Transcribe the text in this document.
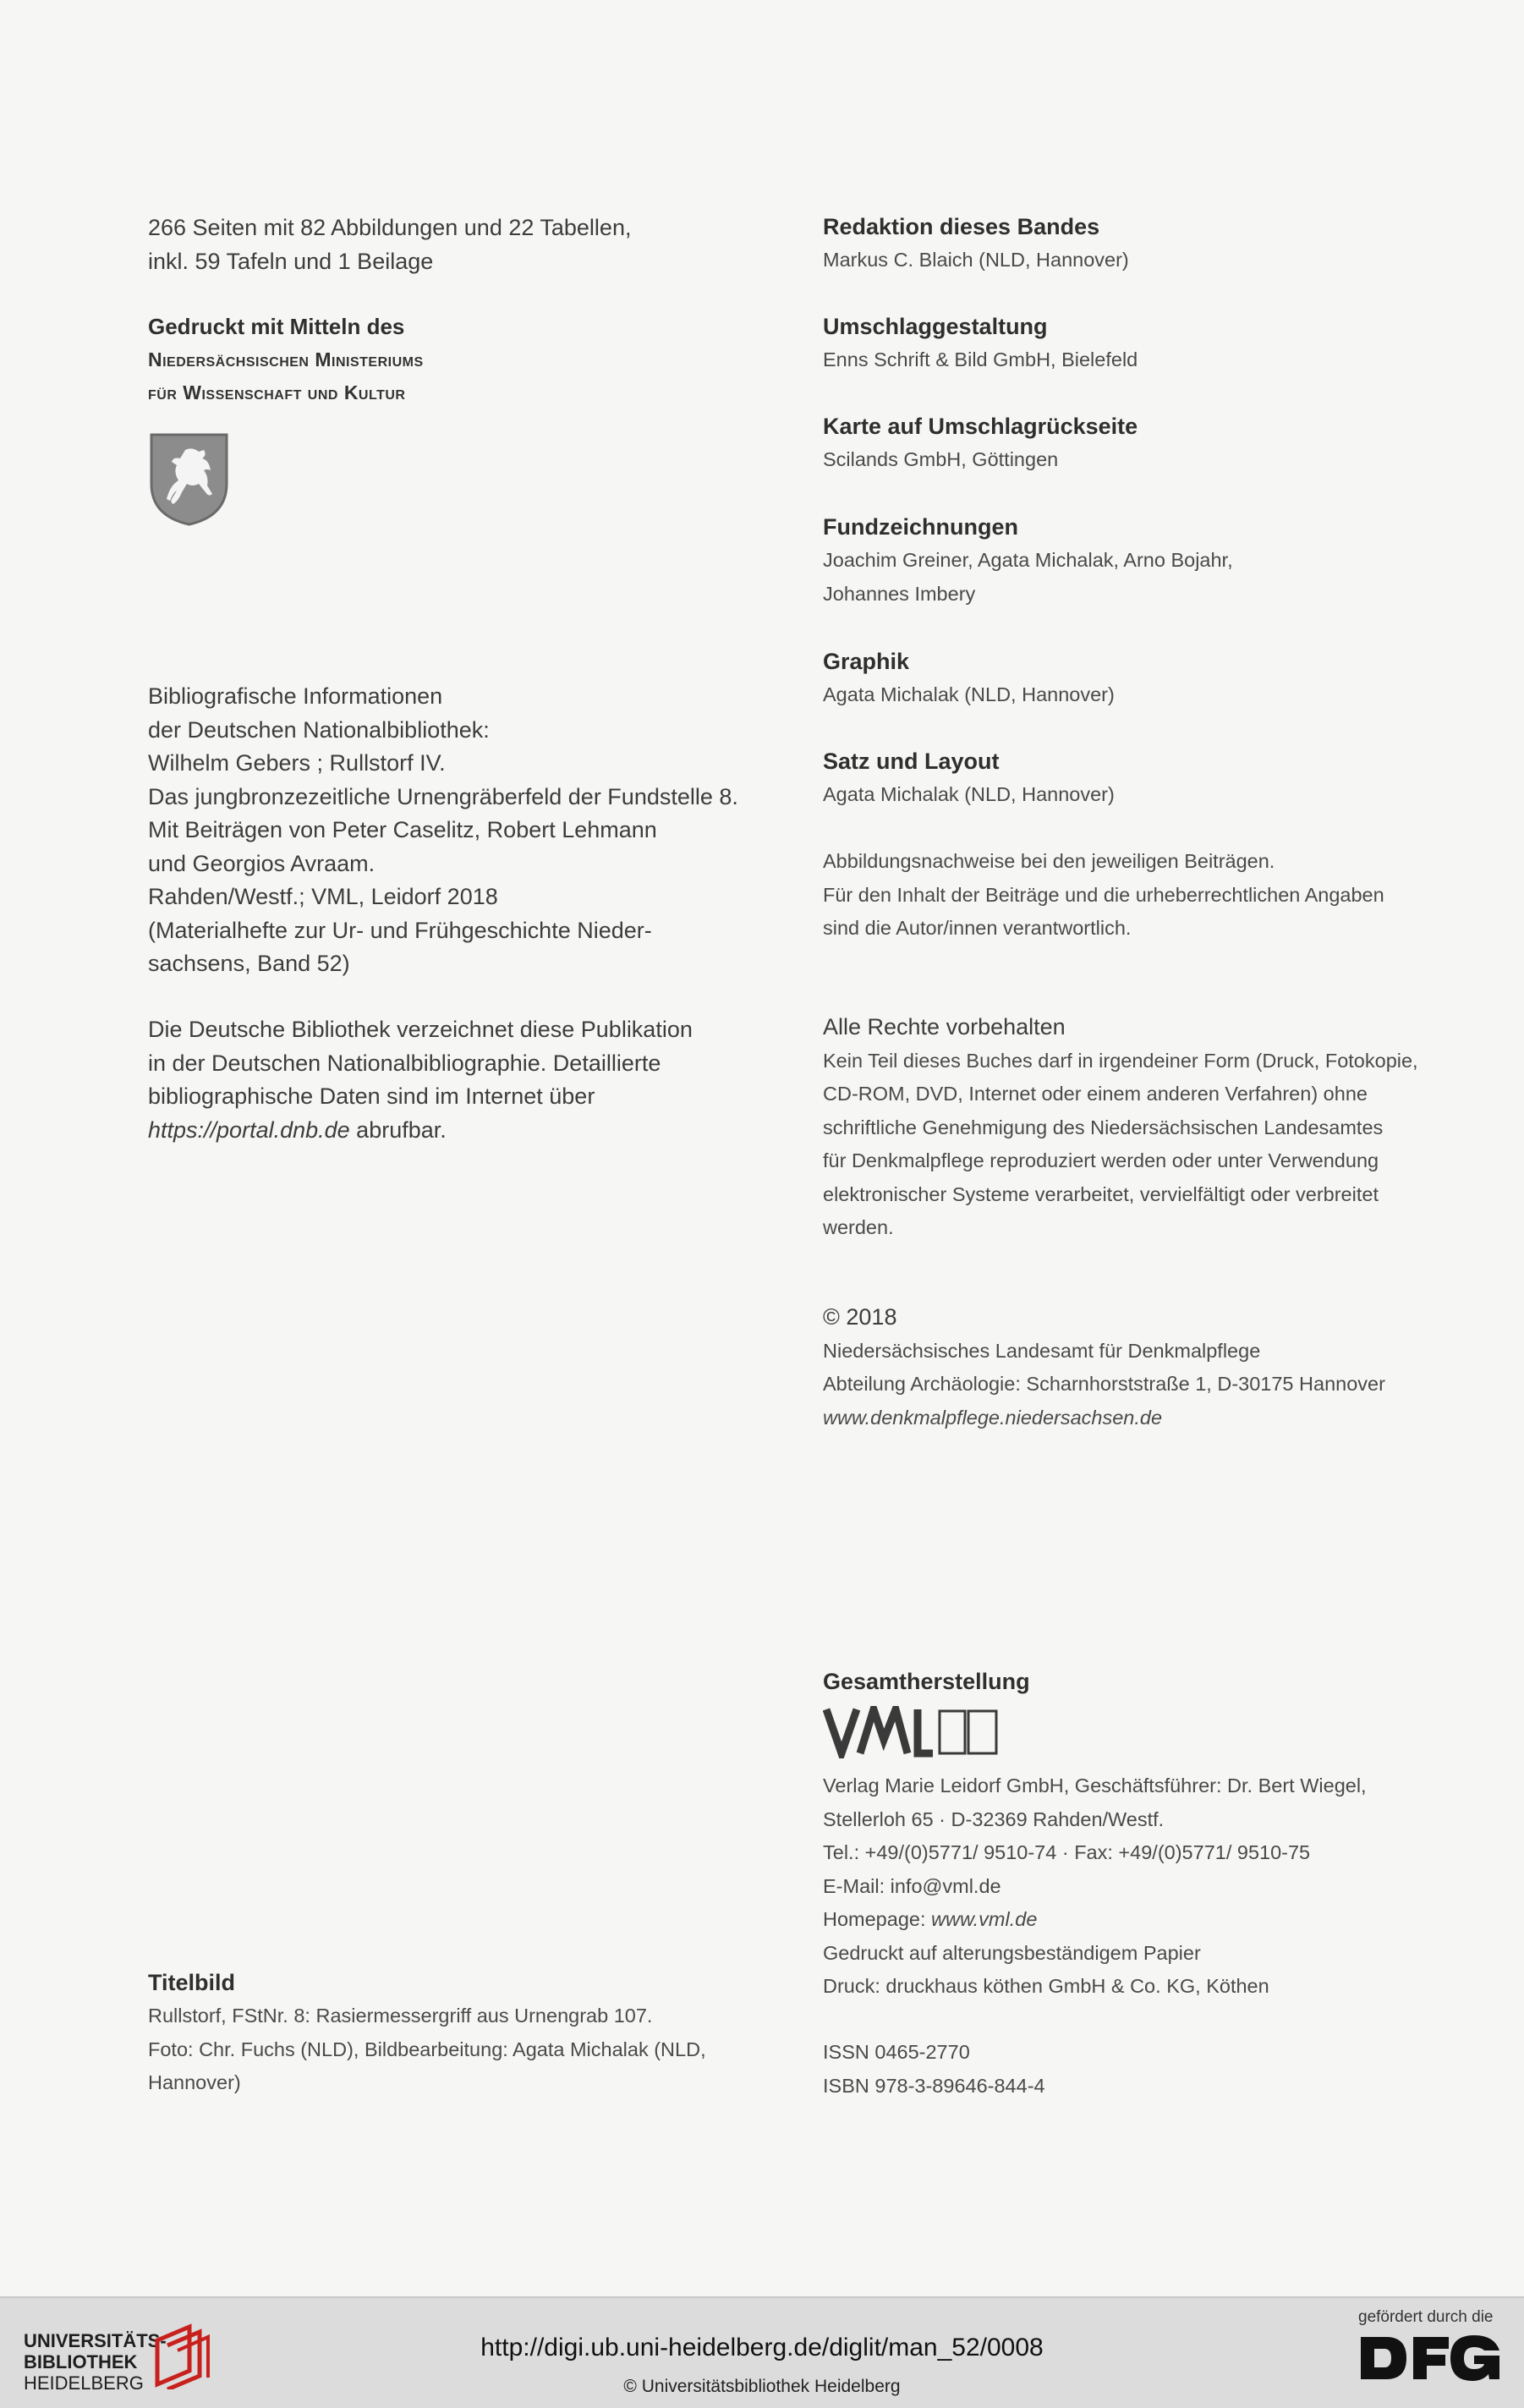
266 Seiten mit 82 Abbildungen und 22 Tabellen,
inkl. 59 Tafeln und 1 Beilage
Gedruckt mit Mitteln des
Niedersächsischen Ministeriums
für Wissenschaft und Kultur
Bibliografische Informationen
der Deutschen Nationalbibliothek:
Wilhelm Gebers ; Rullstorf IV.
Das jungbronzezeitliche Urnengräberfeld der Fundstelle 8.
Mit Beiträgen von Peter Caselitz, Robert Lehmann
und Georgios Avraam.
Rahden/Westf.; VML, Leidorf 2018
(Materialhefte zur Ur- und Frühgeschichte Nieder-
sachsens, Band 52)
Die Deutsche Bibliothek verzeichnet diese Publikation
in der Deutschen Nationalbibliographie. Detaillierte
bibliographische Daten sind im Internet über
https://portal.dnb.de abrufbar.
Titelbild
Rullstorf, FStNr. 8: Rasiermessergriff aus Urnengrab 107.
Foto: Chr. Fuchs (NLD), Bildbearbeitung: Agata Michalak (NLD,
Hannover)
Redaktion dieses Bandes
Markus C. Blaich (NLD, Hannover)
Umschlaggestaltung
Enns Schrift & Bild GmbH, Bielefeld
Karte auf Umschlagrückseite
Scilands GmbH, Göttingen
Fundzeichnungen
Joachim Greiner, Agata Michalak, Arno Bojahr,
Johannes Imbery
Graphik
Agata Michalak (NLD, Hannover)
Satz und Layout
Agata Michalak (NLD, Hannover)
Abbildungsnachweise bei den jeweiligen Beiträgen.
Für den Inhalt der Beiträge und die urheberrechtlichen Angaben
sind die Autor/innen verantwortlich.
Alle Rechte vorbehalten
Kein Teil dieses Buches darf in irgendeiner Form (Druck, Fotokopie,
CD-ROM, DVD, Internet oder einem anderen Verfahren) ohne
schriftliche Genehmigung des Niedersächsischen Landesamtes
für Denkmalpflege reproduziert werden oder unter Verwendung
elektronischer Systeme verarbeitet, vervielfältigt oder verbreitet
werden.
© 2018
Niedersächsisches Landesamt für Denkmalpflege
Abteilung Archäologie: Scharnhorststraße 1, D-30175 Hannover
www.denkmalpflege.niedersachsen.de
Gesamtherstellung
Verlag Marie Leidorf GmbH, Geschäftsführer: Dr. Bert Wiegel,
Stellerloh 65 · D-32369 Rahden/Westf.
Tel.: +49/(0)5771/ 9510-74 · Fax: +49/(0)5771/ 9510-75
E-Mail: info@vml.de
Homepage: www.vml.de
Gedruckt auf alterungsbeständigem Papier
Druck: druckhaus köthen GmbH & Co. KG, Köthen
ISSN 0465-2770
ISBN 978-3-89646-844-4
UNIVERSITÄTS-
BIBLIOTHEK
HEIDELBERG
http://digi.ub.uni-heidelberg.de/diglit/man_52/0008
© Universitätsbibliothek Heidelberg
gefördert durch die
